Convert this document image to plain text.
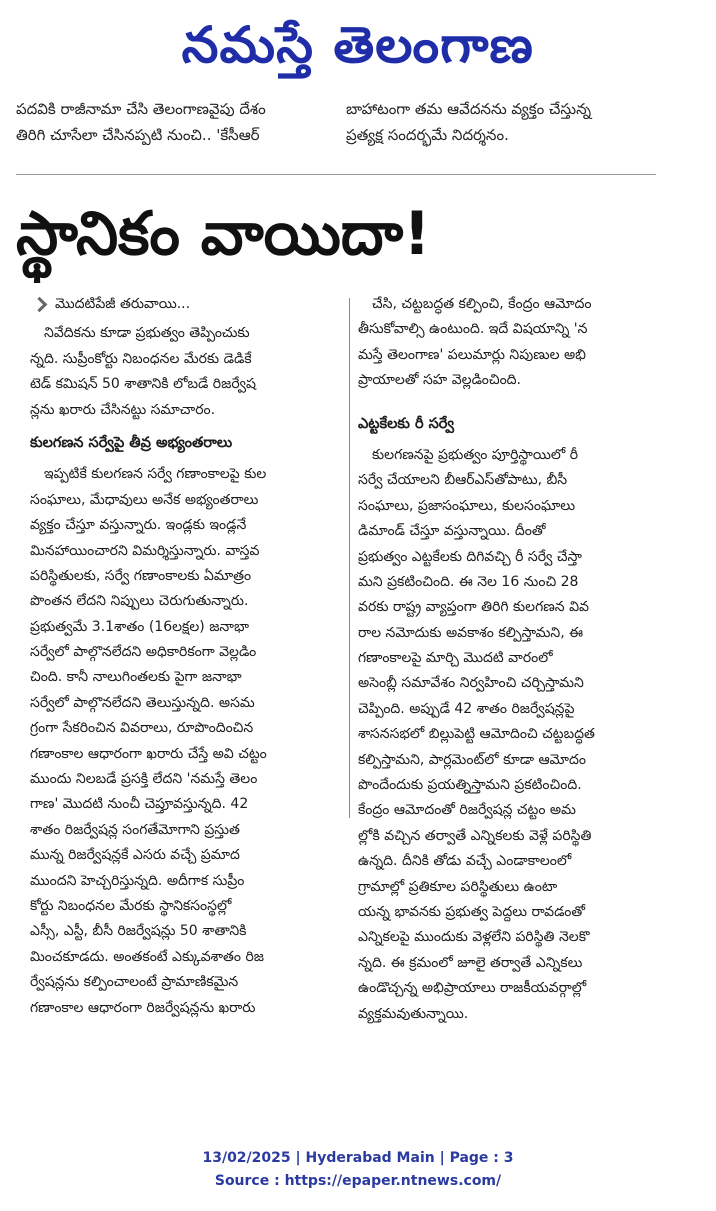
నమస్తే తెలంగాణ
పదవికి రాజీనామా చేసి తెలంగాణవైపు దేశం
తిరిగి చూసేలా చేసినప్పటి నుంచి.. 'కేసీఆర్
బాహాటంగా తమ ఆవేదనను వ్యక్తం చేస్తున్న
ప్రత్యక్ష సందర్భమే నిదర్శనం.
స్థానికం వాయిదా!
మొదటిపేజీ తరువాయి...
నివేదికను కూడా ప్రభుత్వం తెప్పించుకు
న్నది. సుప్రీంకోర్టు నిబంధనల మేరకు డెడికే
టెడ్ కమిషన్ 50 శాతానికి లోబడే రిజర్వేష
న్లను ఖరారు చేసినట్టు సమాచారం.
కులగణన సర్వేపై తీవ్ర అభ్యంతరాలు
ఇప్పటికే కులగణన సర్వే గణాంకాలపై కుల
సంఘాలు, మేధావులు అనేక అభ్యంతరాలు
వ్యక్తం చేస్తూ వస్తున్నారు. ఇండ్లకు ఇండ్లనే
మినహాయించారని విమర్శిస్తున్నారు. వాస్తవ
పరిస్థితులకు, సర్వే గణాంకాలకు ఏమాత్రం
పొంతన లేదని నిప్పులు చెరుగుతున్నారు.
ప్రభుత్వమే 3.1శాతం (16లక్షల) జనాభా
సర్వేలో పాల్గొనలేదని అధికారికంగా వెల్లడిం
చింది. కానీ నాలుగింతలకు పైగా జనాభా
సర్వేలో పాల్గొనలేదని తెలుస్తున్నది. అసమ
గ్రంగా సేకరించిన వివరాలు, రూపొందించిన
గణాంకాల ఆధారంగా ఖరారు చేస్తే అవి చట్టం
ముందు నిలబడే ప్రసక్తి లేదని 'నమస్తే తెలం
గాణ' మొదటి నుంచీ చెప్తూవస్తున్నది. 42
శాతం రిజర్వేషన్ల సంగతేమోగాని ప్రస్తుత
మున్న రిజర్వేషన్లకే ఎసరు వచ్చే ప్రమాద
ముందని హెచ్చరిస్తున్నది. అదీగాక సుప్రీం
కోర్టు నిబంధనల మేరకు స్థానికసంస్థల్లో
ఎస్సీ, ఎస్టీ, బీసీ రిజర్వేషన్లు 50 శాతానికి
మించకూడదు. అంతకంటే ఎక్కువశాతం రిజ
ర్వేషన్లను కల్పించాలంటే ప్రామాణికమైన
గణాంకాల ఆధారంగా రిజర్వేషన్లను ఖరారు
చేసి, చట్టబద్ధత కల్పించి, కేంద్రం ఆమోదం
తీసుకోవాల్సి ఉంటుంది. ఇదే విషయాన్ని 'న
మస్తే తెలంగాణ' పలుమార్లు నిపుణుల అభి
ప్రాయాలతో సహ వెల్లడించింది.
ఎట్టకేలకు రీ సర్వే
కులగణనపై ప్రభుత్వం పూర్తిస్థాయిలో రీ
సర్వే చేయాలని బీఆర్‌ఎస్‌తోపాటు, బీసీ
సంఘాలు, ప్రజాసంఘాలు, కులసంఘాలు
డిమాండ్ చేస్తూ వస్తున్నాయి. దీంతో
ప్రభుత్వం ఎట్టకేలకు దిగివచ్చి రీ సర్వే చేస్తా
మని ప్రకటించింది. ఈ నెల 16 నుంచి 28
వరకు రాష్ట్ర వ్యాప్తంగా తిరిగి కులగణన వివ
రాల నమోదుకు అవకాశం కల్పిస్తామని, ఈ
గణాంకాలపై మార్చి మొదటి వారంలో
అసెంబ్లీ సమావేశం నిర్వహించి చర్చిస్తామని
చెప్పింది. అప్పుడే 42 శాతం రిజర్వేషన్లపై
శాసనసభలో బిల్లుపెట్టి ఆమోదించి చట్టబద్ధత
కల్పిస్తామని, పార్లమెంట్‌లో కూడా ఆమోదం
పొందేందుకు ప్రయత్నిస్తామని ప్రకటించింది.
కేంద్రం ఆమోదంతో రిజర్వేషన్ల చట్టం అమ
ల్లోకి వచ్చిన తర్వాతే ఎన్నికలకు వెళ్లే పరిస్థితి
ఉన్నది. దీనికి తోడు వచ్చే ఎండాకాలంలో
గ్రామాల్లో ప్రతికూల పరిస్థితులు ఉంటా
యన్న భావనకు ప్రభుత్వ పెద్దలు రావడంతో
ఎన్నికలపై ముందుకు వెళ్లలేని పరిస్థితి నెలకొ
న్నది. ఈ క్రమంలో జూలై తర్వాతే ఎన్నికలు
ఉండొచ్చన్న అభిప్రాయాలు రాజకీయవర్గాల్లో
వ్యక్తమవుతున్నాయి.
13/02/2025 | Hyderabad Main | Page : 3
Source : https://epaper.ntnews.com/
